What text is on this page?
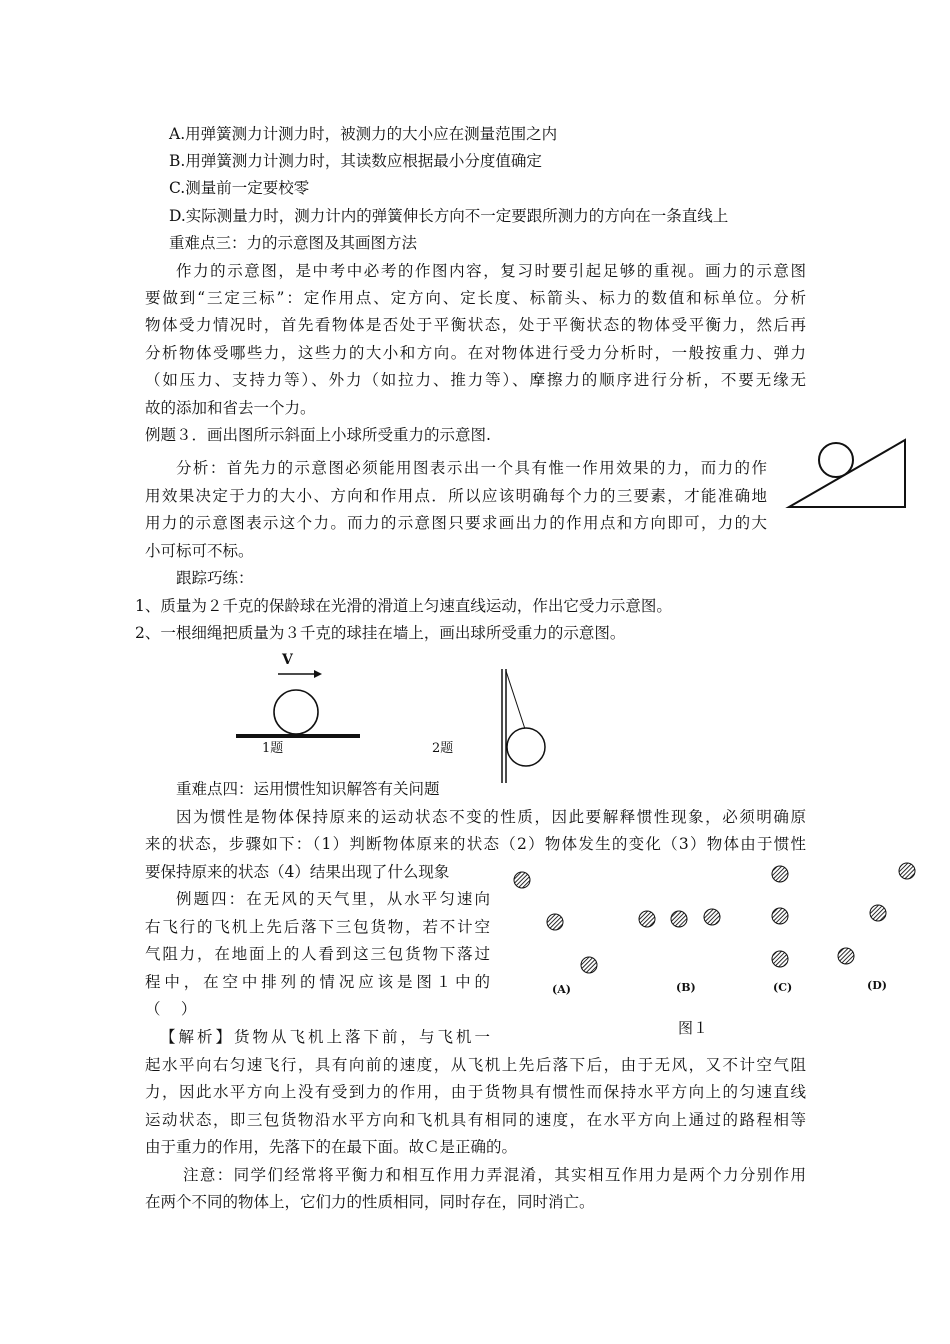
A.用弹簧测力计测力时，被测力的大小应在测量范围之内
B.用弹簧测力计测力时，其读数应根据最小分度值确定
C.测量前一定要校零
D.实际测量力时，测力计内的弹簧伸长方向不一定要跟所测力的方向在一条直线上
重难点三：力的示意图及其画图方法
作力的示意图，是中考中必考的作图内容，复习时要引起足够的重视。画力的示意图
要做到“三定三标”：定作用点、定方向、定长度、标箭头、标力的数值和标单位。分析
物体受力情况时，首先看物体是否处于平衡状态，处于平衡状态的物体受平衡力，然后再
分析物体受哪些力，这些力的大小和方向。在对物体进行受力分析时，一般按重力、弹力
（如压力、支持力等）、外力（如拉力、推力等）、摩擦力的顺序进行分析，不要无缘无
故的添加和省去一个力。
例题３．画出图所示斜面上小球所受重力的示意图.
分析：首先力的示意图必须能用图表示出一个具有惟一作用效果的力，而力的作
用效果决定于力的大小、方向和作用点．所以应该明确每个力的三要素，才能准确地
用力的示意图表示这个力。而力的示意图只要求画出力的作用点和方向即可，力的大
小可标可不标。
跟踪巧练：
1、质量为２千克的保龄球在光滑的滑道上匀速直线运动，作出它受力示意图。
2、一根细绳把质量为３千克的球挂在墙上，画出球所受重力的示意图。
V
1题	2题
重难点四：运用惯性知识解答有关问题
因为惯性是物体保持原来的运动状态不变的性质，因此要解释惯性现象，必须明确原
来的状态，步骤如下：（1）判断物体原来的状态（2）物体发生的变化（3）物体由于惯性
要保持原来的状态（4）结果出现了什么现象
例题四：在无风的天气里，从水平匀速向
右飞行的飞机上先后落下三包货物，若不计空
气阻力，在地面上的人看到这三包货物下落过
程中，在空中排列的情况应该是图１中的
（　 ）
【解析】货物从飞机上落下前，与飞机一
(A)	(B)	(C)	(D)
图１
起水平向右匀速飞行，具有向前的速度，从飞机上先后落下后，由于无风，又不计空气阻
力，因此水平方向上没有受到力的作用，由于货物具有惯性而保持水平方向上的匀速直线
运动状态，即三包货物沿水平方向和飞机具有相同的速度，在水平方向上通过的路程相等
由于重力的作用，先落下的在最下面。故Ｃ是正确的。
注意：同学们经常将平衡力和相互作用力弄混淆，其实相互作用力是两个力分别作用
在两个不同的物体上，它们力的性质相同，同时存在，同时消亡。
